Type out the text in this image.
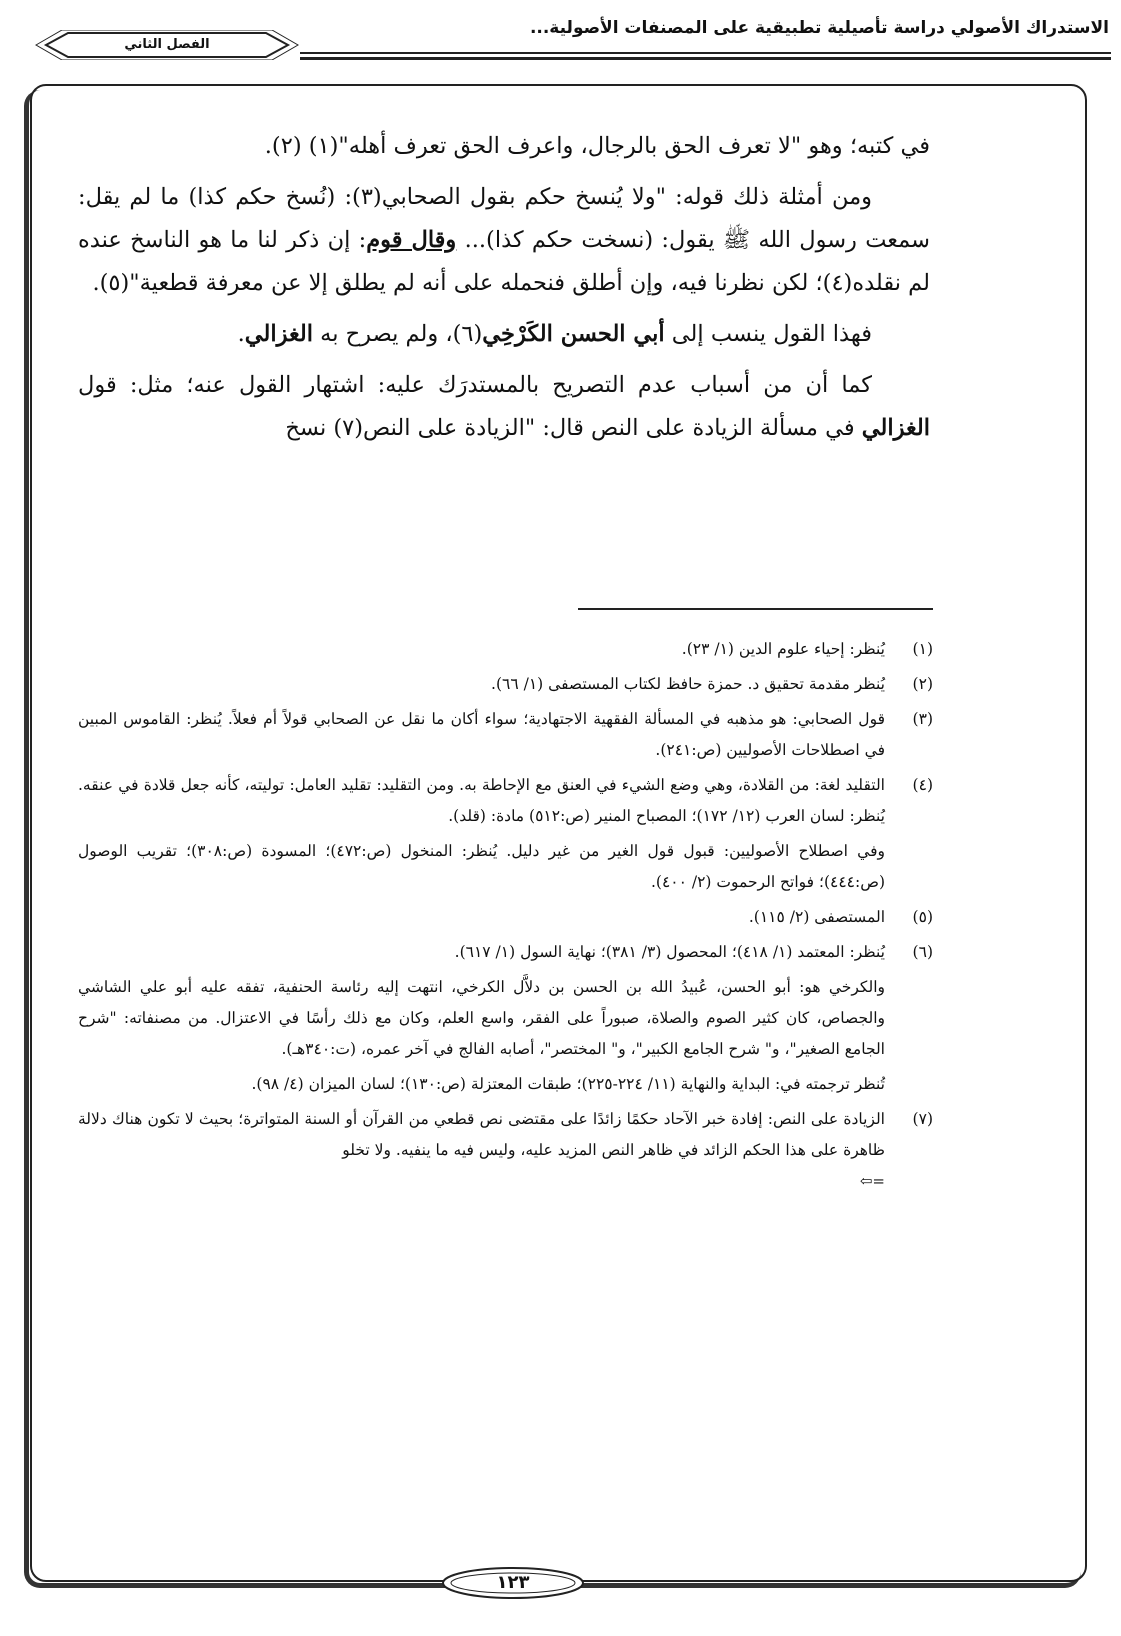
الاستدراك الأصولي دراسة تأصيلية تطبيقية على المصنفات الأصولية...
الفصل الثاني

في كتبه؛ وهو "لا تعرف الحق بالرجال، واعرف الحق تعرف أهله"(١) (٢).

ومن أمثلة ذلك قوله: "ولا يُنسخ حكم بقول الصحابي(٣): (نُسخ حكم كذا) ما لم يقل: سمعت رسول الله ﷺ يقول: (نسخت حكم كذا)... وقال قوم: إن ذكر لنا ما هو الناسخ عنده لم نقلده(٤)؛ لكن نظرنا فيه، وإن أطلق فنحمله على أنه لم يطلق إلا عن معرفة قطعية"(٥).

فهذا القول ينسب إلى أبي الحسن الكَرْخِي(٦)، ولم يصرح به الغزالي.

كما أن من أسباب عدم التصريح بالمستدرَك عليه: اشتهار القول عنه؛ مثل: قول الغزالي في مسألة الزيادة على النص قال: "الزيادة على النص(٧) نسخ

(١)
يُنظر: إحياء علوم الدين (١/ ٢٣).
(٢)
يُنظر مقدمة تحقيق د. حمزة حافظ لكتاب المستصفى (١/ ٦٦).
(٣)
قول الصحابي: هو مذهبه في المسألة الفقهية الاجتهادية؛ سواء أكان ما نقل عن الصحابي قولاً أم فعلاً. يُنظر: القاموس المبين في اصطلاحات الأصوليين (ص:٢٤١).
(٤)
التقليد لغة: من القلادة، وهي وضع الشيء في العنق مع الإحاطة به. ومن التقليد: تقليد العامل: توليته، كأنه جعل قلادة في عنقه. يُنظر: لسان العرب (١٢/ ١٧٢)؛ المصباح المنير (ص:٥١٢) مادة: (قلد).
وفي اصطلاح الأصوليين: قبول قول الغير من غير دليل. يُنظر: المنخول (ص:٤٧٢)؛ المسودة (ص:٣٠٨)؛ تقريب الوصول (ص:٤٤٤)؛ فواتح الرحموت (٢/ ٤٠٠).
(٥)
المستصفى (٢/ ١١٥).
(٦)
يُنظر: المعتمد (١/ ٤١٨)؛ المحصول (٣/ ٣٨١)؛ نهاية السول (١/ ٦١٧).
والكرخي هو: أبو الحسن، عُبيدُ الله بن الحسن بن دلاَّل الكرخي، انتهت إليه رئاسة الحنفية، تفقه عليه أبو علي الشاشي والجصاص، كان كثير الصوم والصلاة، صبوراً على الفقر، واسع العلم، وكان مع ذلك رأسًا في الاعتزال. من مصنفاته: "شرح الجامع الصغير"، و" شرح الجامع الكبير"، و" المختصر"، أصابه الفالج في آخر عمره، (ت:٣٤٠هـ).
تُنظر ترجمته في: البداية والنهاية (١١/ ٢٢٤-٢٢٥)؛ طبقات المعتزلة (ص:١٣٠)؛ لسان الميزان (٤/ ٩٨).
(٧)
الزيادة على النص: إفادة خبر الآحاد حكمًا زائدًا على مقتضى نص قطعي من القرآن أو السنة المتواترة؛ بحيث لا تكون هناك دلالة ظاهرة على هذا الحكم الزائد في ظاهر النص المزيد عليه، وليس فيه ما ينفيه. ولا تخلو
=⇦
١٢٣
